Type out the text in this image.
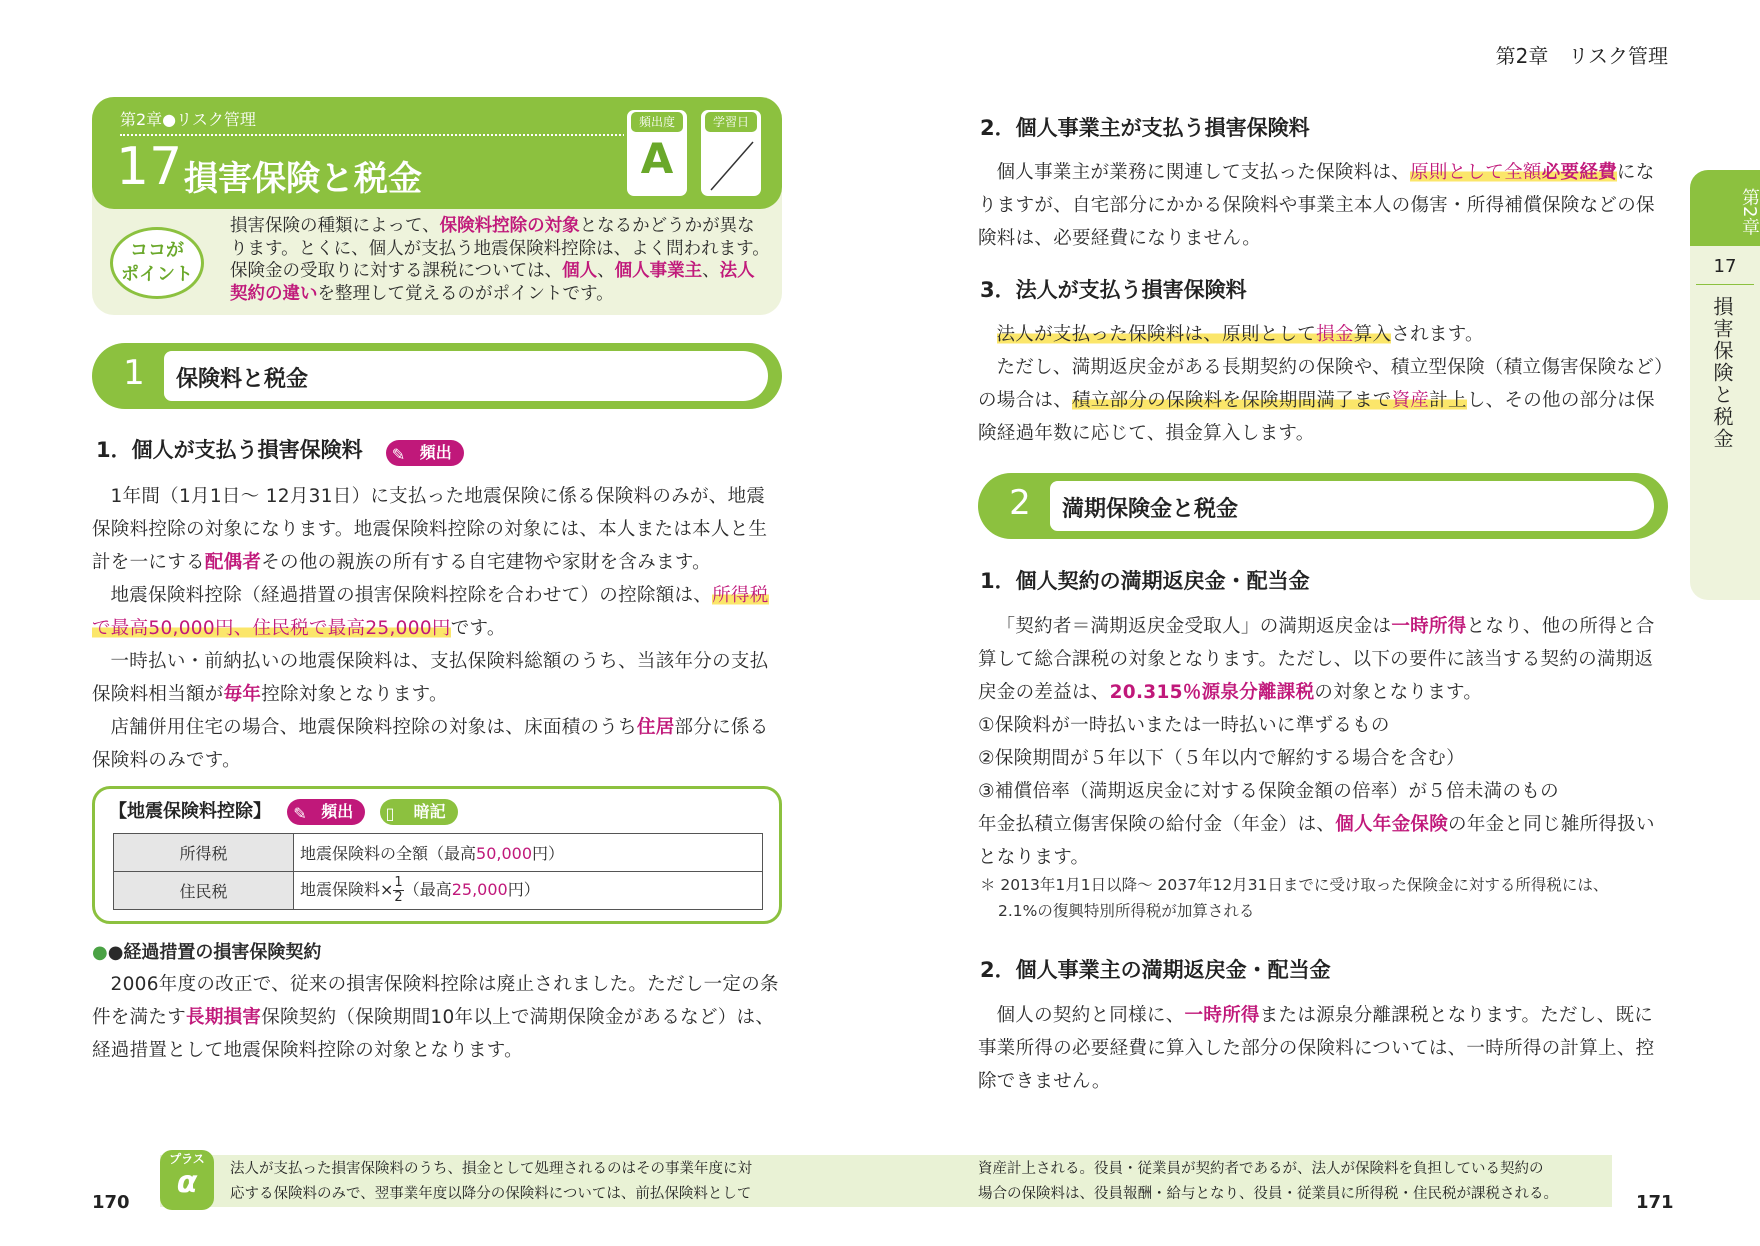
第2章　リスク管理
第2章●リスク管理
17 損害保険と税金
頻出度
A
学習日
ココが
ポイント
損害保険の種類によって、保険料控除の対象となるかどうかが異なります。とくに、個人が支払う地震保険料控除は、よく問われます。保険金の受取りに対する課税については、個人、個人事業主、法人契約の違いを整理して覚えるのがポイントです。
1	保険料と税金
1．個人が支払う損害保険料 ✎ 頻出

1年間（1月1日～ 12月31日）に支払った地震保険に係る保険料のみが、地震保険料控除の対象になります。地震保険料控除の対象には、本人または本人と生計を一にする配偶者その他の親族の所有する自宅建物や家財を含みます。

地震保険料控除（経過措置の損害保険料控除を合わせて）の控除額は、所得税で最高50,000円、住民税で最高25,000円です。

一時払い・前納払いの地震保険料は、支払保険料総額のうち、当該年分の支払保険料相当額が毎年控除対象となります。

店舗併用住宅の場合、地震保険料控除の対象は、床面積のうち住居部分に係る保険料のみです。

【地震保険料控除】 ✎ 頻出 ▯ 暗記
所得税	地震保険料の全額（最高50,000円）
住民税	地震保険料× $\frac{1}{2}$ （最高25,000円）
●●経過措置の損害保険契約
2006年度の改正で、従来の損害保険料控除は廃止されました。ただし一定の条件を満たす長期損害保険契約（保険期間10年以上で満期保険金があるなど）は、経過措置として地震保険料控除の対象となります。
2．個人事業主が支払う損害保険料
個人事業主が業務に関連して支払った保険料は、原則として全額必要経費になりますが、自宅部分にかかる保険料や事業主本人の傷害・所得補償保険などの保険料は、必要経費になりません。
3．法人が支払う損害保険料

法人が支払った保険料は、原則として損金算入されます。

ただし、満期返戻金がある長期契約の保険や、積立型保険（積立傷害保険など）の場合は、積立部分の保険料を保険期間満了まで資産計上し、その他の部分は保険経過年数に応じて、損金算入します。

2	満期保険金と税金
1．個人契約の満期返戻金・配当金

「契約者＝満期返戻金受取人」の満期返戻金は一時所得となり、他の所得と合算して総合課税の対象となります。ただし、以下の要件に該当する契約の満期返戻金の差益は、20.315％源泉分離課税の対象となります。

①保険料が一時払いまたは一時払いに準ずるもの

②保険期間が５年以下（５年以内で解約する場合を含む）

③補償倍率（満期返戻金に対する保険金額の倍率）が５倍未満のもの

年金払積立傷害保険の給付金（年金）は、個人年金保険の年金と同じ雑所得扱いとなります。

＊ 2013年1月1日以降～ 2037年12月31日までに受け取った保険金に対する所得税には、
2.1%の復興特別所得税が加算される
2．個人事業主の満期返戻金・配当金
個人の契約と同様に、一時所得または源泉分離課税となります。ただし、既に事業所得の必要経費に算入した部分の保険料については、一時所得の計算上、控除できません。
第2章
17
損害保険と税金
プラス
α	法人が支払った損害保険料のうち、損金として処理されるのはその事業年度に対
応する保険料のみで、翌事業年度以降分の保険料については、前払保険料として
資産計上される。役員・従業員が契約者であるが、法人が保険料を負担している契約の
場合の保険料は、役員報酬・給与となり、役員・従業員に所得税・住民税が課税される。
170	171
